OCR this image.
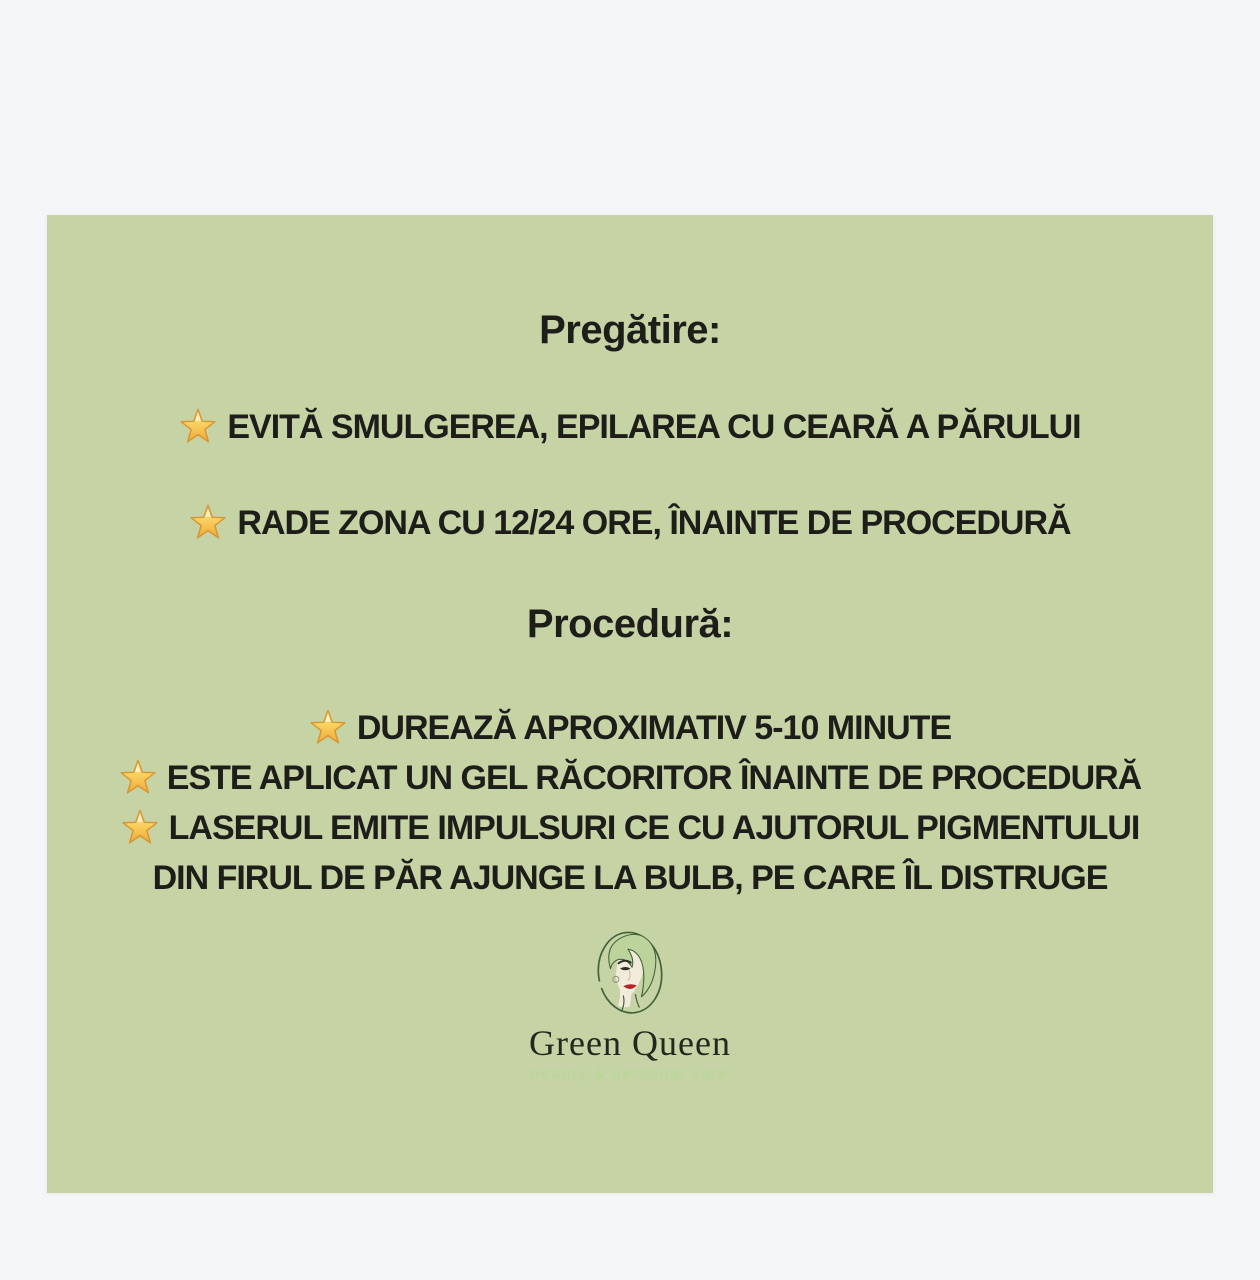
Pregătire:

EVITĂ SMULGEREA, EPILAREA CU CEARĂ A PĂRULUI

RADE ZONA CU 12/24 ORE, ÎNAINTE DE PROCEDURĂ

Procedură:

DUREAZĂ APROXIMATIV 5-10 MINUTE

ESTE APLICAT UN GEL RĂCORITOR ÎNAINTE DE PROCEDURĂ

LASERUL EMITE IMPULSURI CE CU AJUTORUL PIGMENTULUI DIN FIRUL DE PĂR AJUNGE LA BULB, PE CARE ÎL DISTRUGE

Green Queen
beauty & personal care
